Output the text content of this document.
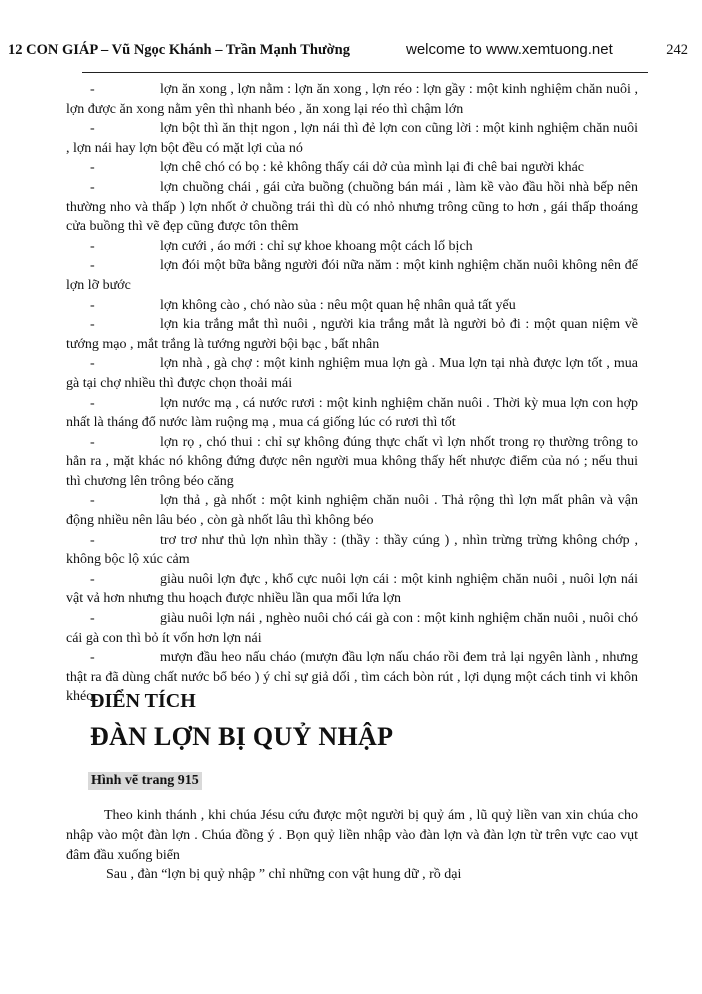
12 CON GIÁP – Vũ Ngọc Khánh – Trần Mạnh Thường	welcome to www.xemtuong.net	242

-	lợn ăn xong , lợn nằm : lợn ăn xong , lợn réo : lợn gầy : một kinh nghiệm chăn nuôi , lợn được ăn xong nằm yên thì nhanh béo , ăn xong lại réo thì chậm lớn

-	lợn bột thì ăn thịt ngon , lợn nái thì đẻ lợn con cũng lời : một kinh nghiệm chăn nuôi , lợn nái hay lợn bột đều có mặt lợi của nó

-	lợn chê chó có bọ : kẻ không thấy cái dở của mình lại đi chê bai người khác

-	lợn chuồng chái , gái cửa buồng (chuồng bán mái , làm kề vào đầu hồi nhà bếp nên thường nho và thấp ) lợn nhốt ở chuồng trái thì dù có nhỏ nhưng trông cũng to hơn , gái thấp thoáng cửa buồng thì vẽ đẹp cũng được tôn thêm

-	lợn cưới , áo mới : chỉ sự khoe khoang một cách lố bịch

-	lợn đói một bữa bằng người đói nữa năm : một kinh nghiệm chăn nuôi không nên để lợn lỡ bước

-	lợn không cào , chó nào sủa : nêu một quan hệ nhân quả tất yếu

-	lợn kia trắng mắt thì nuôi , người kia trắng mắt là người bỏ đi : một quan niệm về tướng mạo , mắt trắng là tướng người bội bạc , bất nhân

-	lợn nhà , gà chợ : một kinh nghiệm mua lợn gà . Mua lợn tại nhà được lợn tốt , mua gà tại chợ nhiều thì được chọn thoải mái

-	lợn nước mạ , cá nước rươi : một kinh nghiệm chăn nuôi . Thời kỳ mua lợn con hợp nhất là tháng đổ nước làm ruộng mạ , mua cá giống lúc có rươi thì tốt

-	lợn rọ , chó thui : chỉ sự không đúng thực chất vì lợn nhốt trong rọ thường trông to hẳn ra , mặt khác nó không đứng được nên người mua không thấy hết nhược điểm của nó ; nếu thui thì chương lên trông béo căng

-	lợn thả , gà nhốt : một kinh nghiệm chăn nuôi . Thả rộng thì lợn mất phân và vận động nhiều nên lâu béo , còn gà nhốt lâu thì không béo

-	trơ trơ như thủ lợn nhìn thầy : (thầy : thầy cúng ) , nhìn trừng trừng không chớp , không bộc lộ xúc cảm

-	giàu nuôi lợn đực , khổ cực nuôi lợn cái : một kinh nghiệm chăn nuôi , nuôi lợn nái vật vả hơn nhưng thu hoạch được nhiều lần qua mổi lứa lợn

-	giàu nuôi lợn nái , nghèo nuôi chó cái gà con : một kinh nghiệm chăn nuôi , nuôi chó cái gà con thì bỏ ít vốn hơn lợn nái

-	mượn đầu heo nấu cháo (mượn đầu lợn nấu cháo rồi đem trả lại ngyên lành , nhưng thật ra đã dùng chất nước bổ béo ) ý chỉ sự giả dối , tìm cách bòn rút , lợi dụng một cách tinh vi khôn khéo

ĐIỂN TÍCH
ĐÀN LỢN BỊ QUỶ NHẬP
Hình vẽ trang 915

Theo kinh thánh , khi chúa Jésu cứu được một người bị quỷ ám , lũ quỷ liền van xin chúa cho nhập vào một đàn lợn . Chúa đồng ý . Bọn quỷ liền nhập vào đàn lợn và đàn lợn từ trên vực cao vụt đâm đầu xuống biển

Sau , đàn “lợn bị quỷ nhập ” chỉ những con vật hung dữ , rồ dại
